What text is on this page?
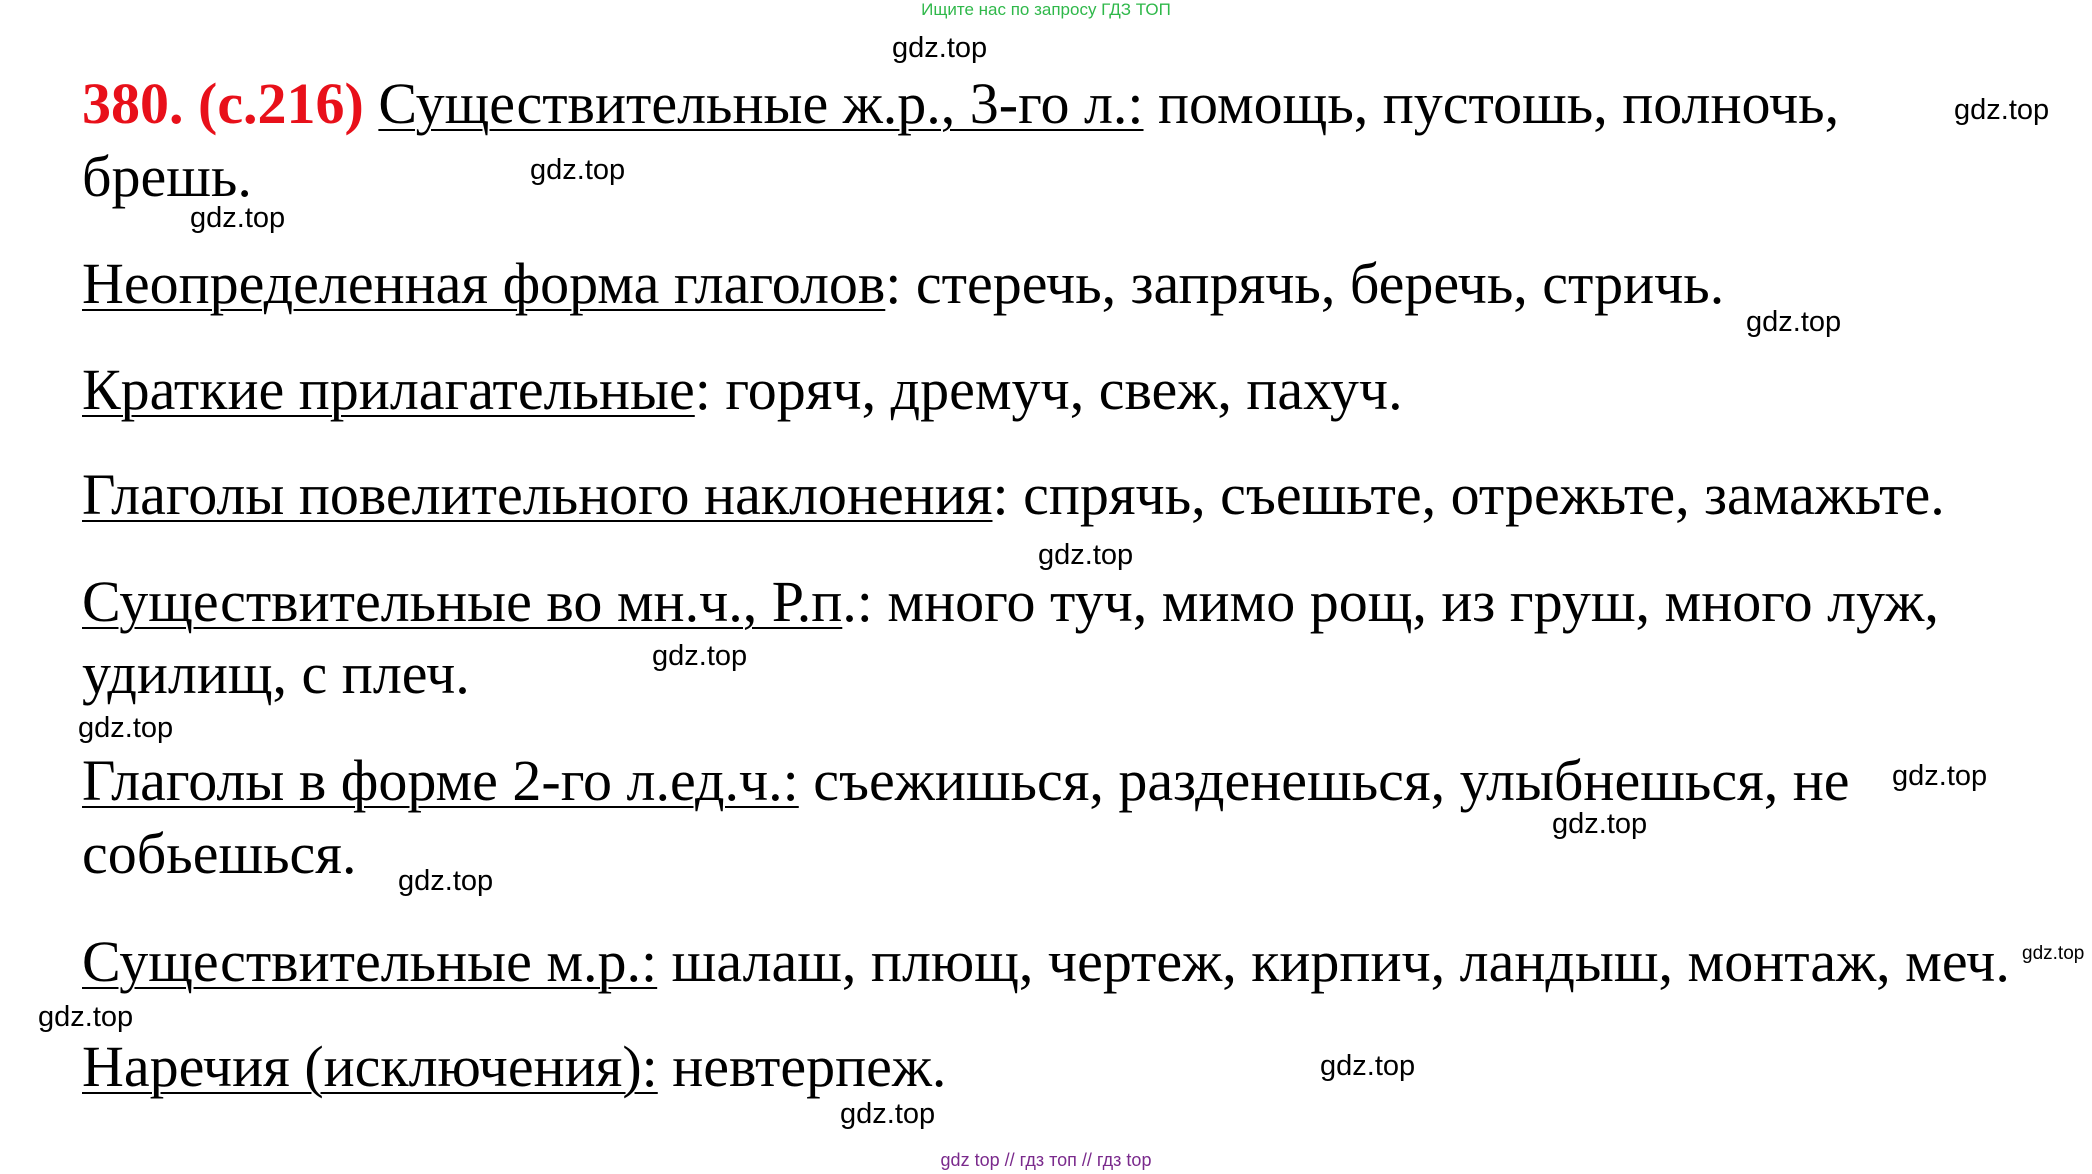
Ищите нас по запросу ГДЗ ТОП
380. (с.216) Существительные ж.р., 3-го л.: помощь, пустошь, полночь,
брешь.
Неопределенная форма глаголов: стеречь, запрячь, беречь, стричь.
Краткие прилагательные: горяч, дремуч, свеж, пахуч.
Глаголы повелительного наклонения: спрячь, съешьте, отрежьте, замажьте.
Существительные во мн.ч., Р.п.: много туч, мимо рощ, из груш, много луж,
удилищ, с плеч.
Глаголы в форме 2-го л.ед.ч.: съежишься, разденешься, улыбнешься, не
собьешься.
Существительные м.р.: шалаш, плющ, чертеж, кирпич, ландыш, монтаж, меч.
Наречия (исключения): невтерпеж.
gdz.top
gdz.top
gdz.top
gdz.top
gdz.top
gdz.top
gdz.top
gdz.top
gdz.top
gdz.top
gdz.top
gdz.top
gdz.top
gdz.top
gdz.top
gdz top // гдз топ // гдз top
